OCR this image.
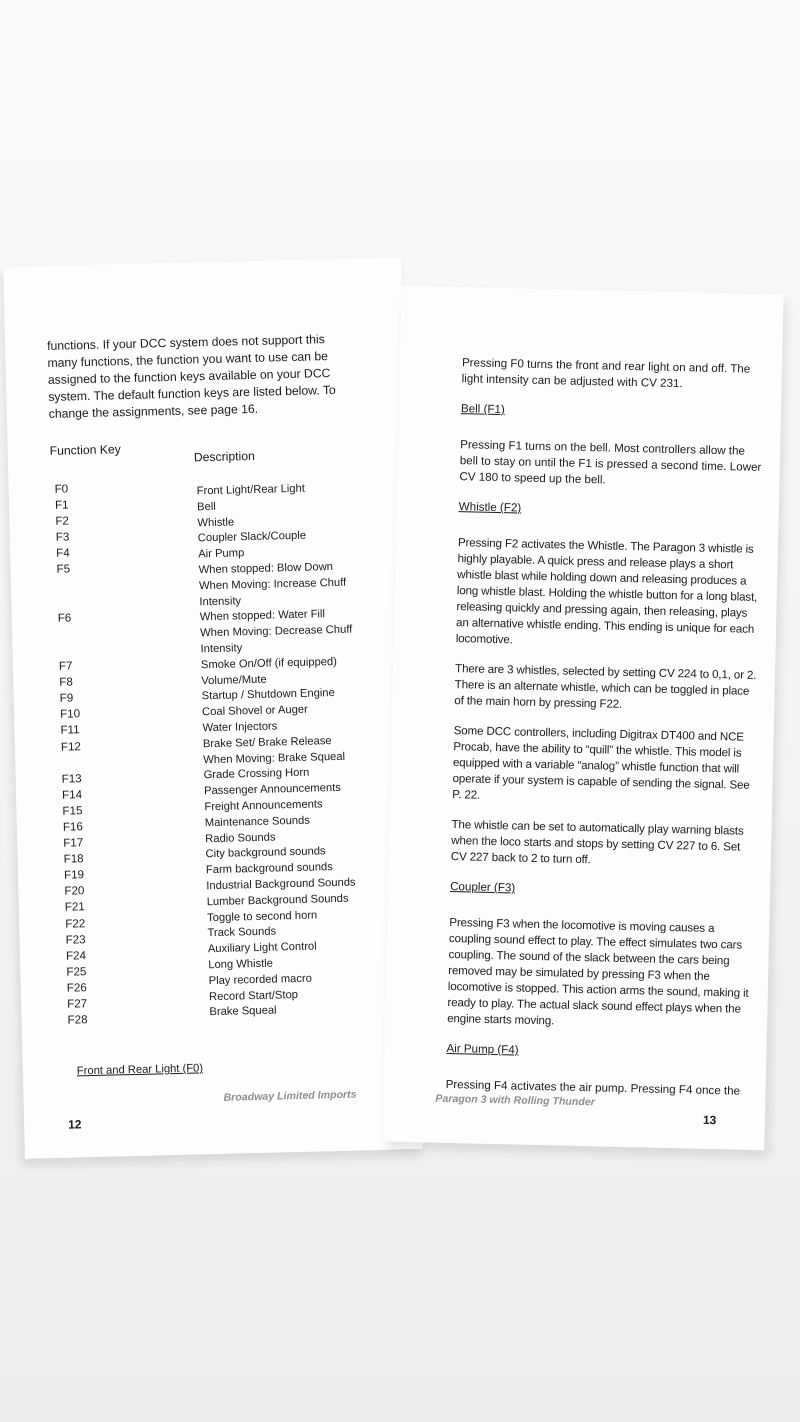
functions. If your DCC system does not support this many functions, the function you want to use can be assigned to the function keys available on your DCC system. The default function keys are listed below. To change the assignments, see page 16.
Function Key	Description
F0
F1
F2
F3
F4
F5

F6

F7
F8
F9
F10
F11
F12

F13
F14
F15
F16
F17
F18
F19
F20
F21
F22
F23
F24
F25
F26
F27
F28
Front Light/Rear Light
Bell
Whistle
Coupler Slack/Couple
Air Pump
When stopped: Blow Down
When Moving: Increase Chuff
Intensity
When stopped: Water Fill
When Moving: Decrease Chuff
Intensity
Smoke On/Off (if equipped)
Volume/Mute
Startup / Shutdown Engine
Coal Shovel or Auger
Water Injectors
Brake Set/ Brake Release
When Moving: Brake Squeal
Grade Crossing Horn
Passenger Announcements
Freight Announcements
Maintenance Sounds
Radio Sounds
City background sounds
Farm background sounds
Industrial Background Sounds
Lumber Background Sounds
Toggle to second horn
Track Sounds
Auxiliary Light Control
Long Whistle
Play recorded macro
Record Start/Stop
Brake Squeal
Front and Rear Light (F0)
Broadway Limited Imports
12

Pressing F0 turns the front and rear light on and off. The light intensity can be adjusted with CV 231.

Bell (F1)

Pressing F1 turns on the bell. Most controllers allow the bell to stay on until the F1 is pressed a second time. Lower CV 180 to speed up the bell.

Whistle (F2)

Pressing F2 activates the Whistle. The Paragon 3 whistle is highly playable. A quick press and release plays a short whistle blast while holding down and releasing produces a long whistle blast. Holding the whistle button for a long blast, releasing quickly and pressing again, then releasing, plays an alternative whistle ending. This ending is unique for each locomotive.

There are 3 whistles, selected by setting CV 224 to 0,1, or 2. There is an alternate whistle, which can be toggled in place of the main horn by pressing F22.

Some DCC controllers, including Digitrax DT400 and NCE Procab, have the ability to “quill” the whistle. This model is equipped with a variable “analog” whistle function that will operate if your system is capable of sending the signal. See P. 22.

The whistle can be set to automatically play warning blasts when the loco starts and stops by setting CV 227 to 6. Set CV 227 back to 2 to turn off.

Coupler (F3)

Pressing F3 when the locomotive is moving causes a coupling sound effect to play. The effect simulates two cars coupling. The sound of the slack between the cars being removed may be simulated by pressing F3 when the locomotive is stopped. This action arms the sound, making it ready to play. The actual slack sound effect plays when the engine starts moving.

Air Pump (F4)

Pressing F4 activates the air pump. Pressing F4 once the

Paragon 3 with Rolling Thunder
13
